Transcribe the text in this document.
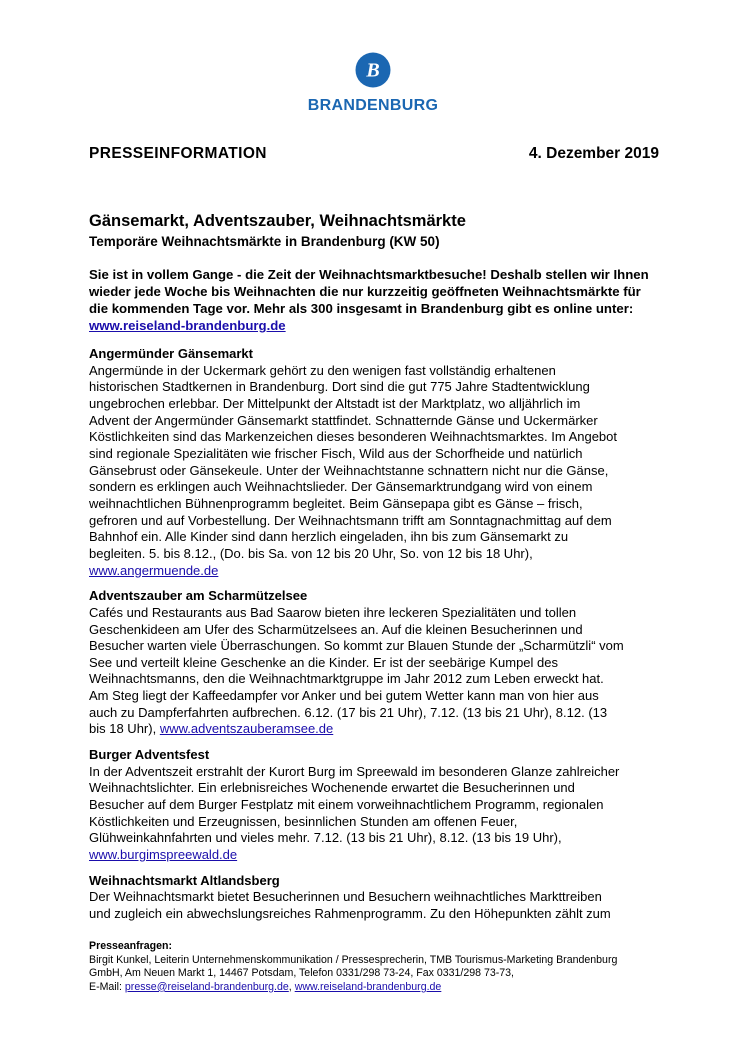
B
BRANDENBURG
PRESSEINFORMATION	4. Dezember 2019
Gänsemarkt, Adventszauber, Weihnachtsmärkte
Temporäre Weihnachtsmärkte in Brandenburg (KW 50)

Sie ist in vollem Gange - die Zeit der Weihnachtsmarktbesuche! Deshalb stellen wir Ihnen wieder jede Woche bis Weihnachten die nur kurzzeitig geöffneten Weihnachtsmärkte für die kommenden Tage vor. Mehr als 300 insgesamt in Brandenburg gibt es online unter: www.reiseland-brandenburg.de

Angermünder Gänsemarkt
Angermünde in der Uckermark gehört zu den wenigen fast vollständig erhaltenen
historischen Stadtkernen in Brandenburg. Dort sind die gut 775 Jahre Stadtentwicklung
ungebrochen erlebbar. Der Mittelpunkt der Altstadt ist der Marktplatz, wo alljährlich im
Advent der Angermünder Gänsemarkt stattfindet. Schnatternde Gänse und Uckermärker
Köstlichkeiten sind das Markenzeichen dieses besonderen Weihnachtsmarktes. Im Angebot
sind regionale Spezialitäten wie frischer Fisch, Wild aus der Schorfheide und natürlich
Gänsebrust oder Gänsekeule. Unter der Weihnachtstanne schnattern nicht nur die Gänse,
sondern es erklingen auch Weihnachtslieder. Der Gänsemarktrundgang wird von einem
weihnachtlichen Bühnenprogramm begleitet. Beim Gänsepapa gibt es Gänse – frisch,
gefroren und auf Vorbestellung. Der Weihnachtsmann trifft am Sonntagnachmittag auf dem
Bahnhof ein. Alle Kinder sind dann herzlich eingeladen, ihn bis zum Gänsemarkt zu
begleiten. 5. bis 8.12., (Do. bis Sa. von 12 bis 20 Uhr, So. von 12 bis 18 Uhr),
www.angermuende.de
Adventszauber am Scharmützelsee
Cafés und Restaurants aus Bad Saarow bieten ihre leckeren Spezialitäten und tollen
Geschenkideen am Ufer des Scharmützelsees an. Auf die kleinen Besucherinnen und
Besucher warten viele Überraschungen. So kommt zur Blauen Stunde der „Scharmützli“ vom
See und verteilt kleine Geschenke an die Kinder. Er ist der seebärige Kumpel des
Weihnachtsmanns, den die Weihnachtmarktgruppe im Jahr 2012 zum Leben erweckt hat.
Am Steg liegt der Kaffeedampfer vor Anker und bei gutem Wetter kann man von hier aus
auch zu Dampferfahrten aufbrechen. 6.12. (17 bis 21 Uhr), 7.12. (13 bis 21 Uhr), 8.12. (13
bis 18 Uhr), www.adventszauberamsee.de
Burger Adventsfest
In der Adventszeit erstrahlt der Kurort Burg im Spreewald im besonderen Glanze zahlreicher
Weihnachtslichter. Ein erlebnisreiches Wochenende erwartet die Besucherinnen und
Besucher auf dem Burger Festplatz mit einem vorweihnachtlichem Programm, regionalen
Köstlichkeiten und Erzeugnissen, besinnlichen Stunden am offenen Feuer,
Glühweinkahnfahrten und vieles mehr. 7.12. (13 bis 21 Uhr), 8.12. (13 bis 19 Uhr),
www.burgimspreewald.de
Weihnachtsmarkt Altlandsberg
Der Weihnachtsmarkt bietet Besucherinnen und Besuchern weihnachtliches Markttreiben
und zugleich ein abwechslungsreiches Rahmenprogramm. Zu den Höhepunkten zählt zum
Presseanfragen:
Birgit Kunkel, Leiterin Unternehmenskommunikation / Pressesprecherin, TMB Tourismus-Marketing Brandenburg
GmbH, Am Neuen Markt 1, 14467 Potsdam, Telefon 0331/298 73-24, Fax 0331/298 73-73,
E-Mail: presse@reiseland-brandenburg.de, www.reiseland-brandenburg.de
